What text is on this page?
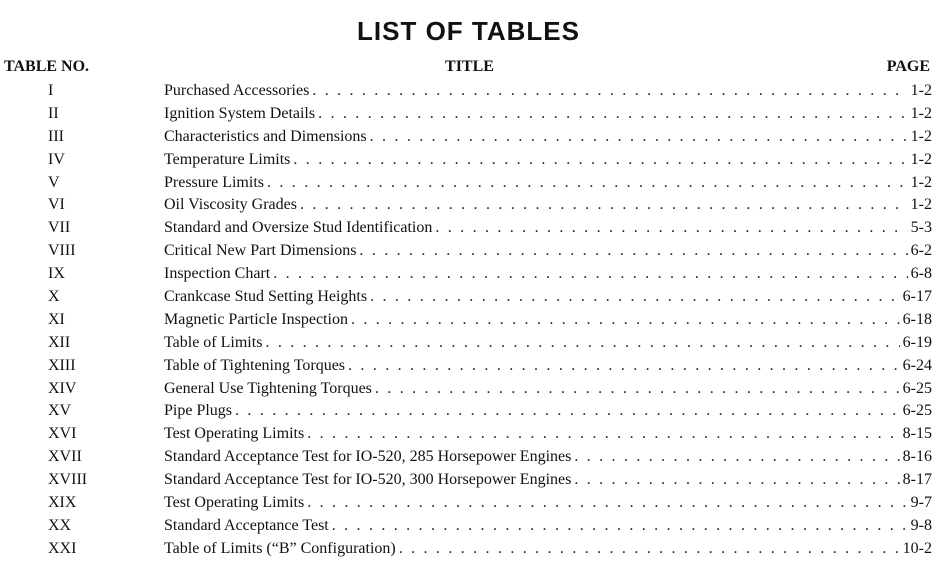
LIST OF TABLES
TABLE NO.	TITLE	PAGE
I	Purchased Accessories . . .	1-2
II	Ignition System Details . . .	1-2
III	Characteristics and Dimensions . . .	1-2
IV	Temperature Limits . . .	1-2
V	Pressure Limits . . .	1-2
VI	Oil Viscosity Grades . . .	1-2
VII	Standard and Oversize Stud Identification . . .	5-3
VIII	Critical New Part Dimensions . . .	6-2
IX	Inspection Chart . . .	6-8
X	Crankcase Stud Setting Heights . . .	6-17
XI	Magnetic Particle Inspection . . .	6-18
XII	Table of Limits . . .	6-19
XIII	Table of Tightening Torques . . .	6-24
XIV	General Use Tightening Torques . . .	6-25
XV	Pipe Plugs . . .	6-25
XVI	Test Operating Limits . . .	8-15
XVII	Standard Acceptance Test for IO-520, 285 Horsepower Engines . . .	8-16
XVIII	Standard Acceptance Test for IO-520, 300 Horsepower Engines . . .	8-17
XIX	Test Operating Limits . . .	9-7
XX	Standard Acceptance Test . . .	9-8
XXI	Table of Limits (“B” Configuration) . . .	10-2
